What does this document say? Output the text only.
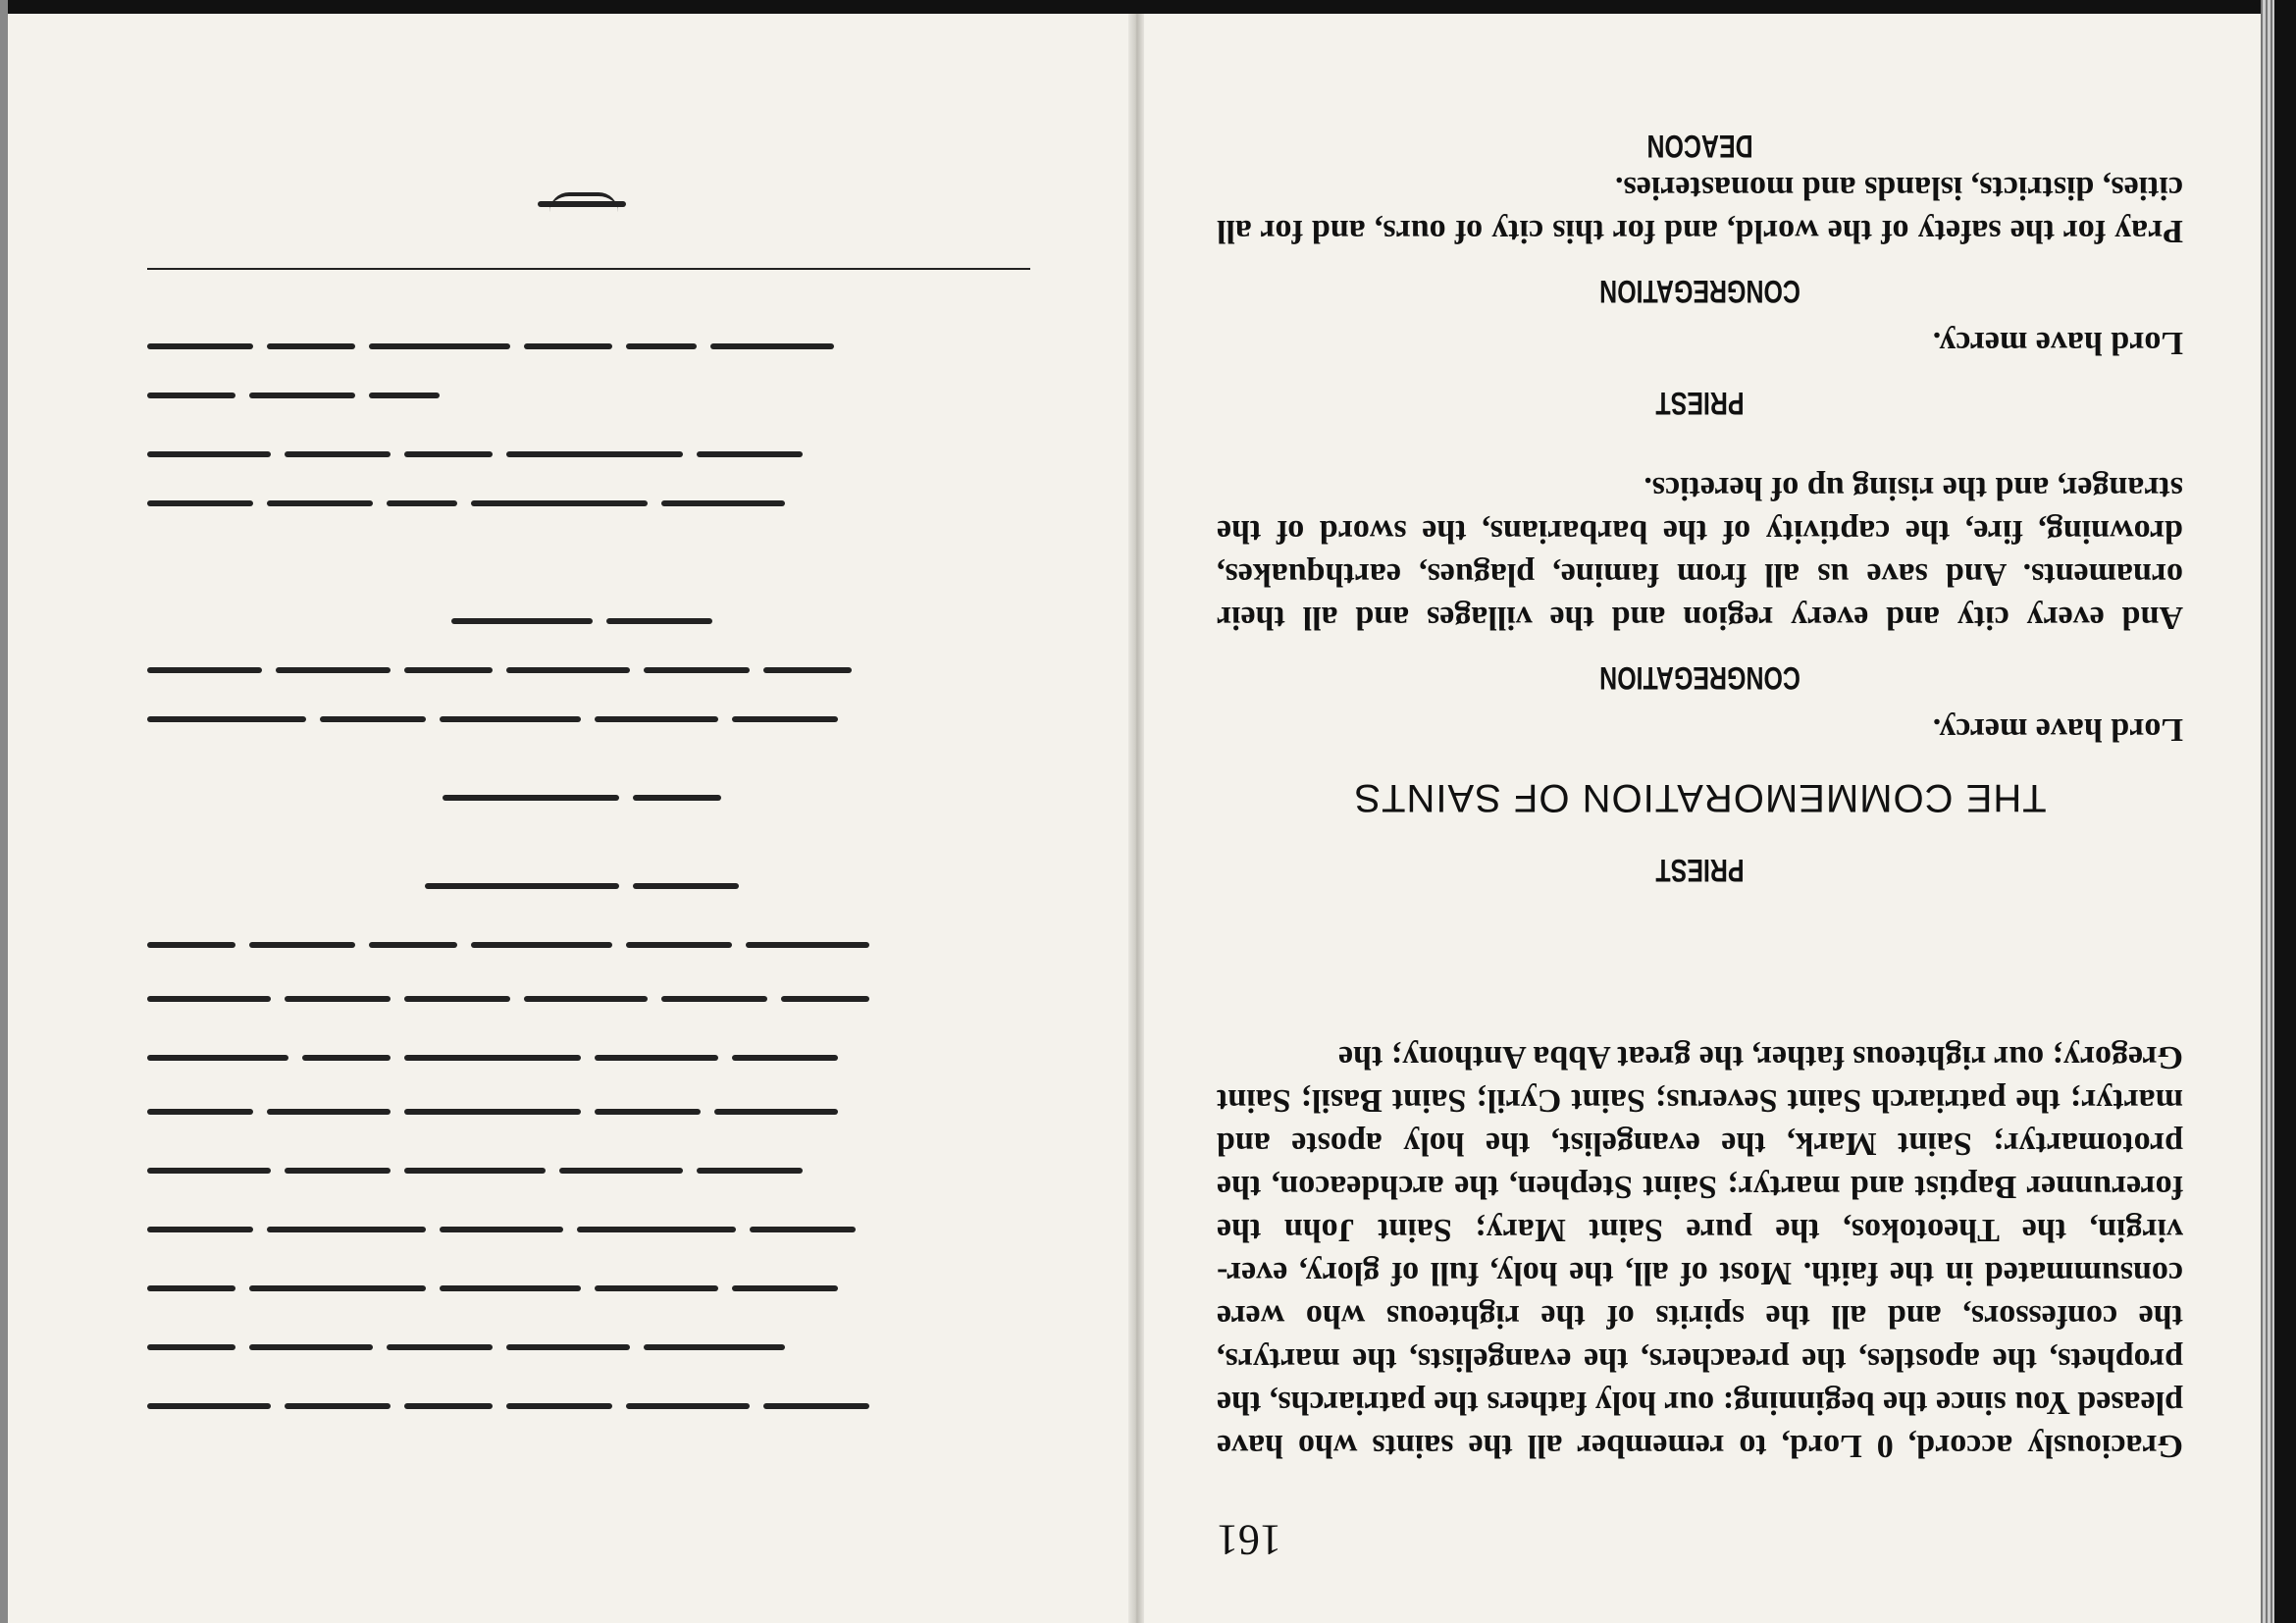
161
DEACON

Pray for the safety of the world, and for this city of ours, and for all cities, districts, islands and monasteries.

CONGREGATION

Lord have mercy.

PRIEST

And every city and every region and the villages and all their ornaments. And save us all from famine, plagues, earthquakes, drowning, fire, the captivity of the barbarians, the sword of the stranger, and the rising up of heretics.

CONGREGATION

Lord have mercy.

THE COMMEMORATION OF SAINTS
PRIEST

Graciously accord, 0 Lord, to remember all the saints who have pleased You since the beginning: our holy fathers the patriarchs, the prophets, the apostles, the preachers, the evangelists, the martyrs, the confessors, and all the spirits of the righteous who were consummated in the faith. Most of all, the holy, full of glory, ever-virgin, the Theotokos, the pure Saint Mary; Saint John the forerunner Baptist and martyr; Saint Stephen, the archdeacon, the protomartyr; Saint Mark, the evangelist, the holy aposte and martyr; the patriarch Saint Severus; Saint Cyril; Saint Basil; Saint Gregory; our righteous father, the great Abba Anthony; the
